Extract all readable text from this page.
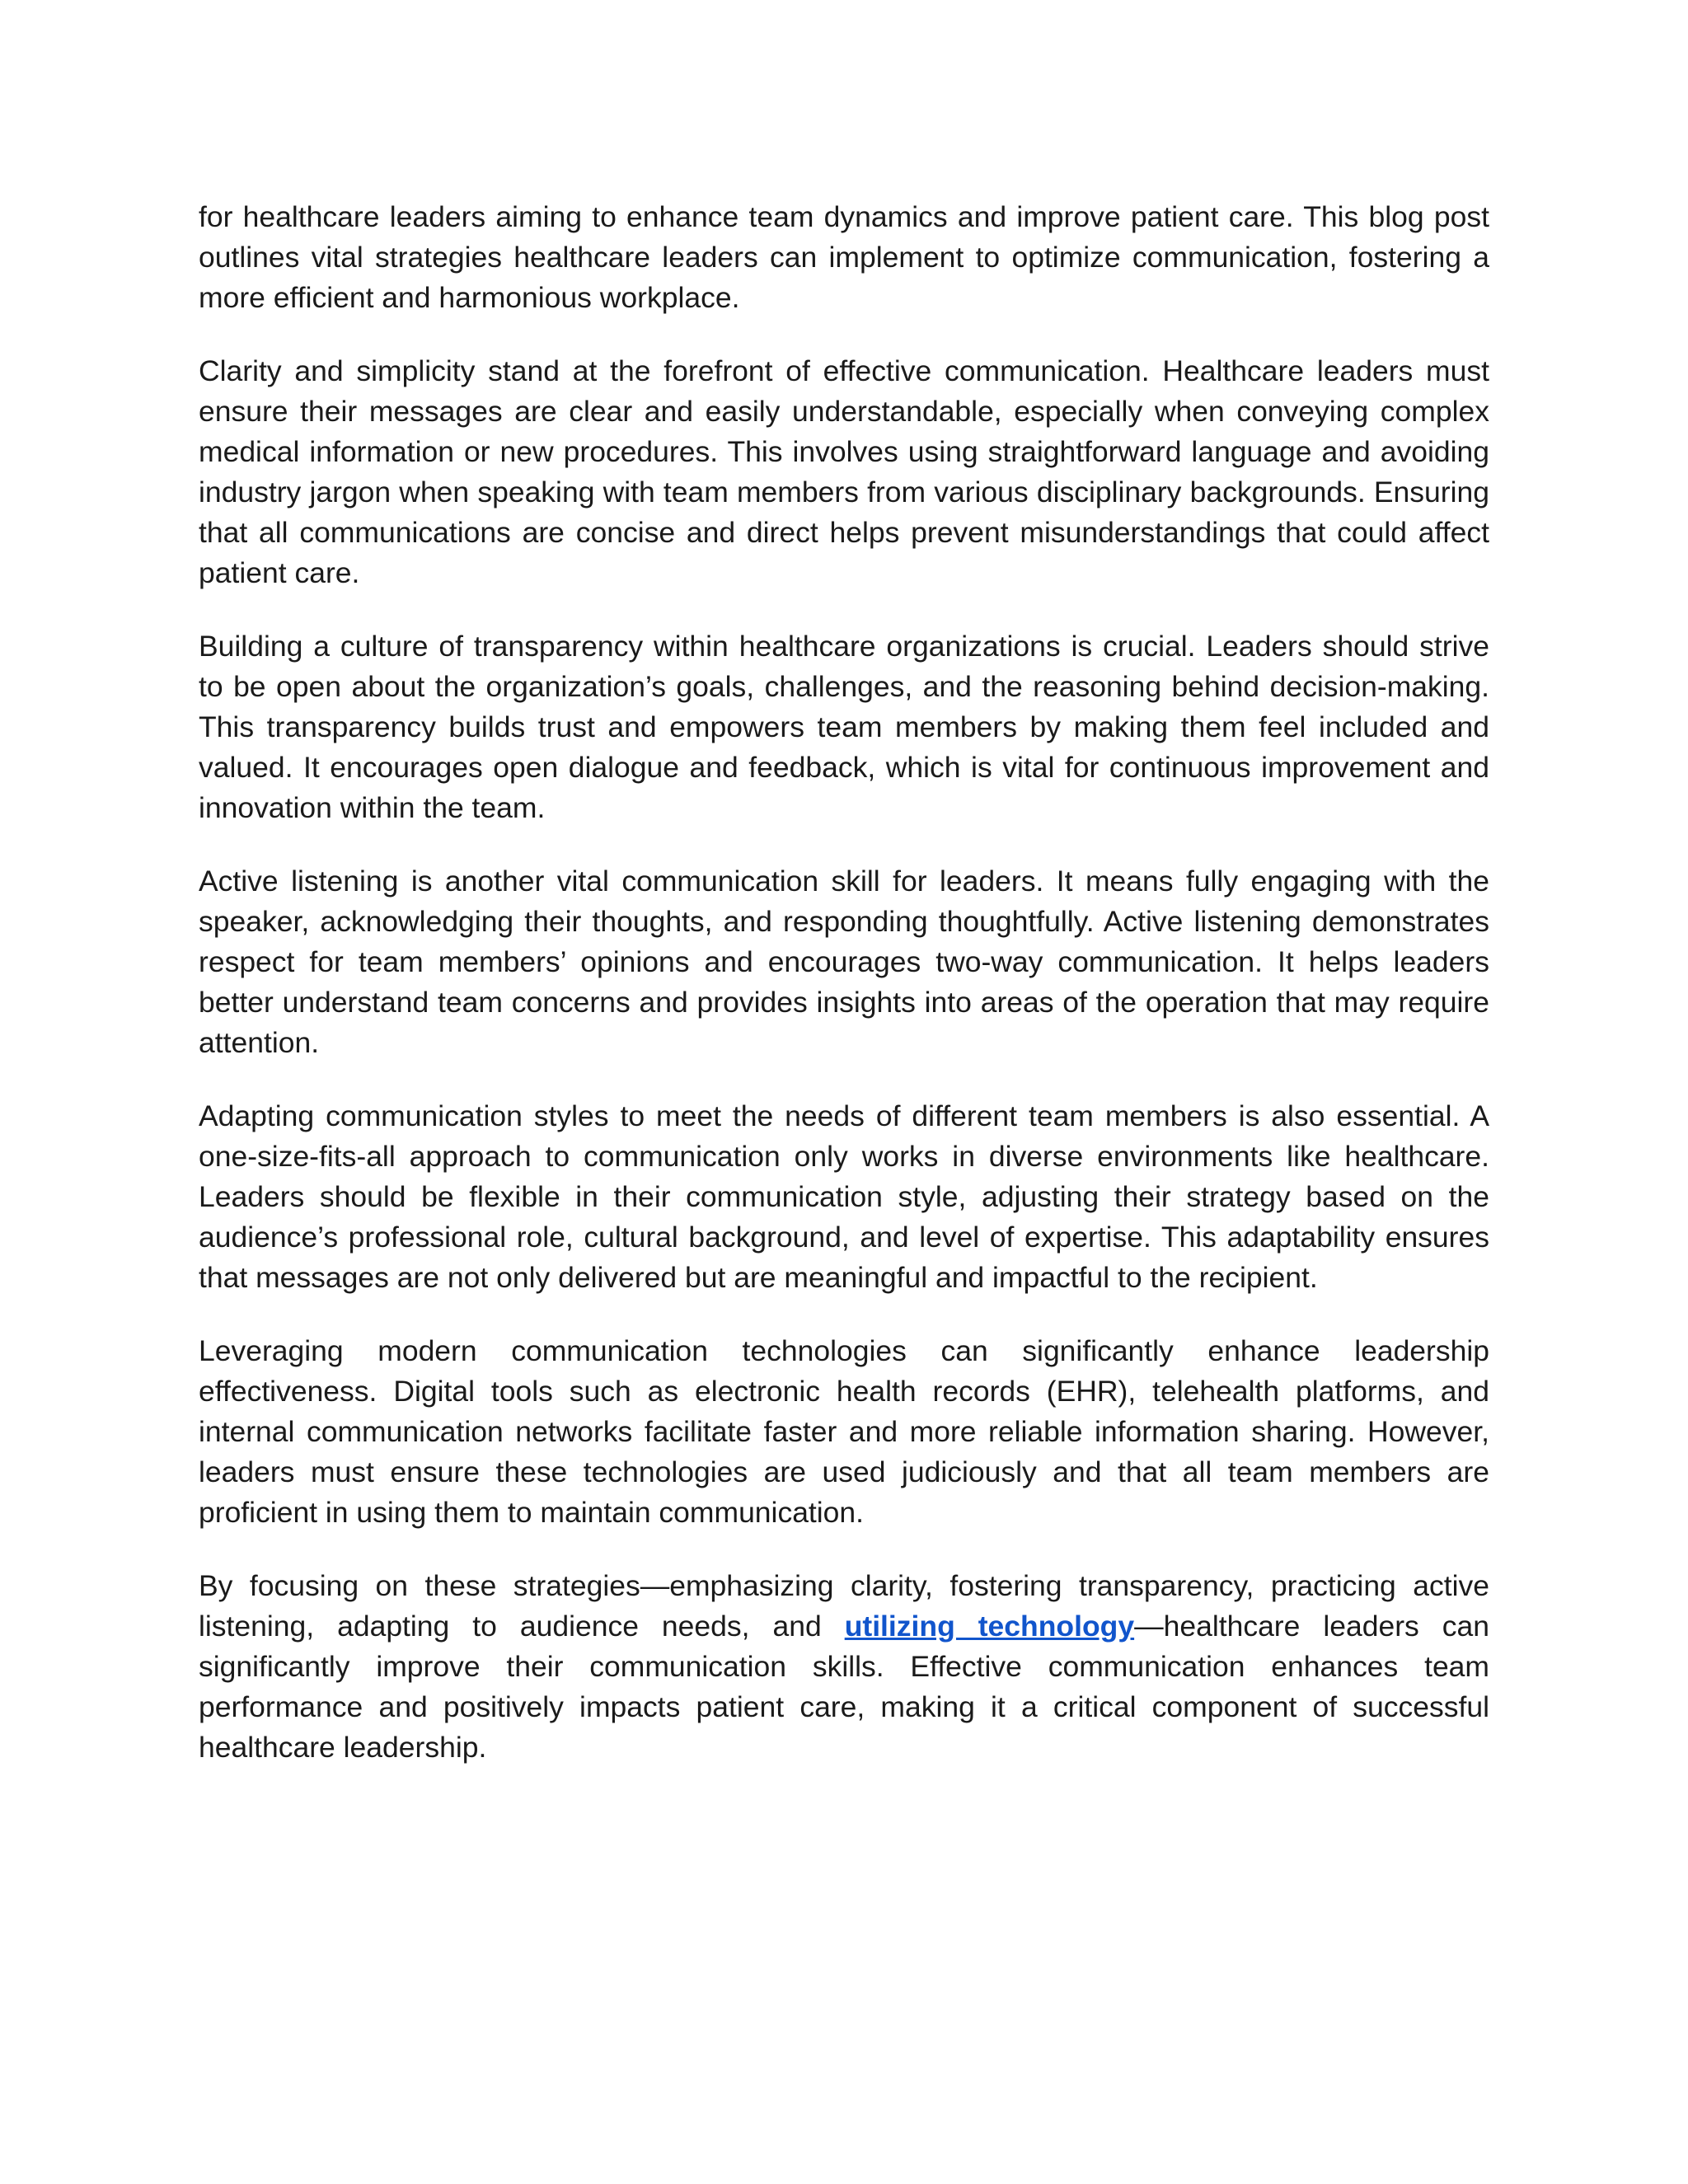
for healthcare leaders aiming to enhance team dynamics and improve patient care. This blog post outlines vital strategies healthcare leaders can implement to optimize communication, fostering a more efficient and harmonious workplace.

Clarity and simplicity stand at the forefront of effective communication. Healthcare leaders must ensure their messages are clear and easily understandable, especially when conveying complex medical information or new procedures. This involves using straightforward language and avoiding industry jargon when speaking with team members from various disciplinary backgrounds. Ensuring that all communications are concise and direct helps prevent misunderstandings that could affect patient care.

Building a culture of transparency within healthcare organizations is crucial. Leaders should strive to be open about the organization’s goals, challenges, and the reasoning behind decision-making. This transparency builds trust and empowers team members by making them feel included and valued. It encourages open dialogue and feedback, which is vital for continuous improvement and innovation within the team.

Active listening is another vital communication skill for leaders. It means fully engaging with the speaker, acknowledging their thoughts, and responding thoughtfully. Active listening demonstrates respect for team members’ opinions and encourages two-way communication. It helps leaders better understand team concerns and provides insights into areas of the operation that may require attention.

Adapting communication styles to meet the needs of different team members is also essential. A one-size-fits-all approach to communication only works in diverse environments like healthcare. Leaders should be flexible in their communication style, adjusting their strategy based on the audience’s professional role, cultural background, and level of expertise. This adaptability ensures that messages are not only delivered but are meaningful and impactful to the recipient.

Leveraging modern communication technologies can significantly enhance leadership effectiveness. Digital tools such as electronic health records (EHR), telehealth platforms, and internal communication networks facilitate faster and more reliable information sharing. However, leaders must ensure these technologies are used judiciously and that all team members are proficient in using them to maintain communication.

By focusing on these strategies—emphasizing clarity, fostering transparency, practicing active listening, adapting to audience needs, and utilizing technology—healthcare leaders can significantly improve their communication skills. Effective communication enhances team performance and positively impacts patient care, making it a critical component of successful healthcare leadership.
